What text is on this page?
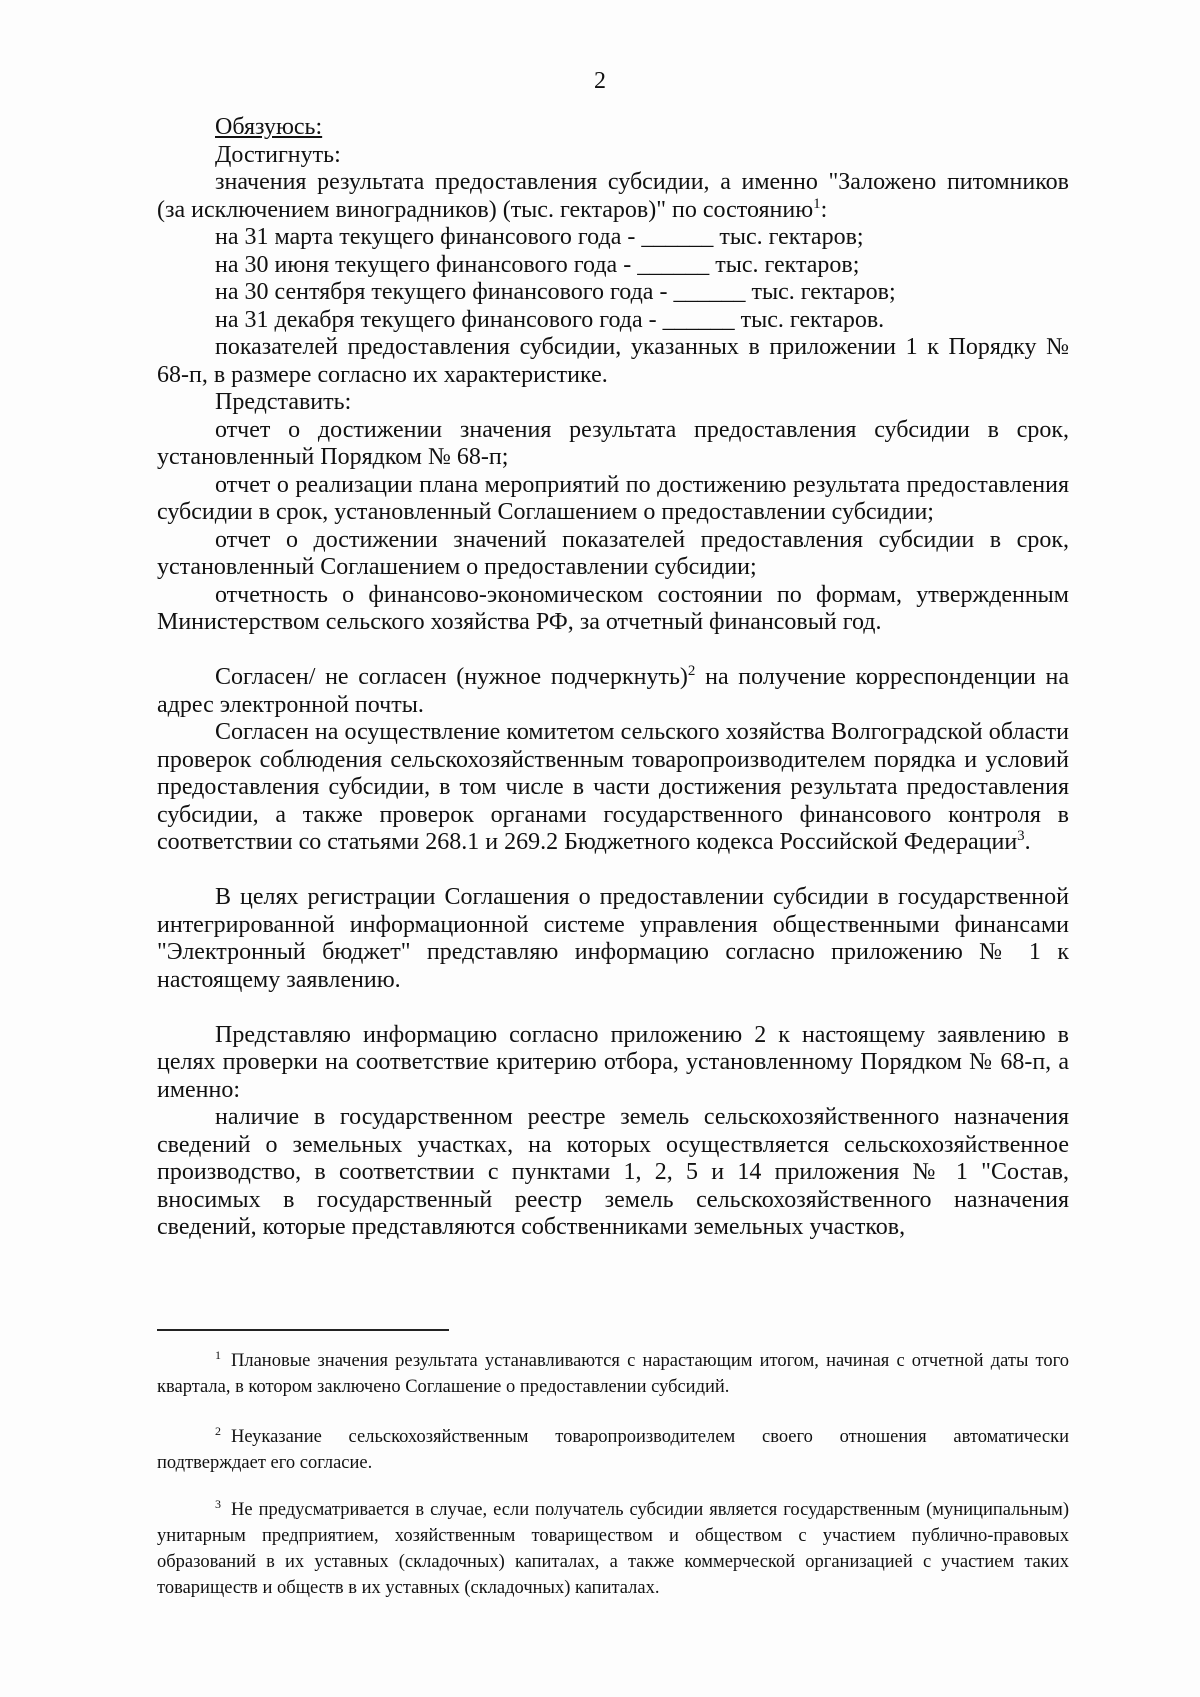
2

Обязуюсь:

Достигнуть:

значения результата предоставления субсидии, а именно "Заложено питомников (за исключением виноградников) (тыс. гектаров)" по состоянию$^1$:

на 31 марта текущего финансового года - ______ тыс. гектаров;

на 30 июня текущего финансового года - ______ тыс. гектаров;

на 30 сентября текущего финансового года - ______ тыс. гектаров;

на 31 декабря текущего финансового года - ______ тыс. гектаров.

показателей предоставления субсидии, указанных в приложении 1 к Порядку № 68-п, в размере согласно их характеристике.

Представить:

отчет о достижении значения результата предоставления субсидии в срок, установленный Порядком № 68-п;

отчет о реализации плана мероприятий по достижению результата предоставления субсидии в срок, установленный Соглашением о предоставлении субсидии;

отчет о достижении значений показателей предоставления субсидии в срок, установленный Соглашением о предоставлении субсидии;

отчетность о финансово-экономическом состоянии по формам, утвержденным Министерством сельского хозяйства РФ, за отчетный финансовый год.

Согласен/ не согласен (нужное подчеркнуть)$^2$ на получение корреспонденции на адрес электронной почты.

Согласен на осуществление комитетом сельского хозяйства Волгоградской области проверок соблюдения сельскохозяйственным товаропроизводителем порядка и условий предоставления субсидии, в том числе в части достижения результата предоставления субсидии, а также проверок органами государственного финансового контроля в соответствии со статьями 268.1 и 269.2 Бюджетного кодекса Российской Федерации$^3$.

В целях регистрации Соглашения о предоставлении субсидии в государственной интегрированной информационной системе управления общественными финансами "Электронный бюджет" представляю информацию согласно приложению № 1 к настоящему заявлению.

Представляю информацию согласно приложению 2 к настоящему заявлению в целях проверки на соответствие критерию отбора, установленному Порядком № 68-п, а именно:

наличие в государственном реестре земель сельскохозяйственного назначения сведений о земельных участках, на которых осуществляется сельскохозяйственное производство, в соответствии с пунктами 1, 2, 5 и 14 приложения № 1 "Состав, вносимых в государственный реестр земель сельскохозяйственного назначения сведений, которые представляются собственниками земельных участков,

$^1$ Плановые значения результата устанавливаются с нарастающим итогом, начиная с отчетной даты того квартала, в котором заключено Соглашение о предоставлении субсидий.

$^2$ Неуказание сельскохозяйственным товаропроизводителем своего отношения автоматически подтверждает его согласие.

$^3$ Не предусматривается в случае, если получатель субсидии является государственным (муниципальным) унитарным предприятием, хозяйственным товариществом и обществом с участием публично-правовых образований в их уставных (складочных) капиталах, а также коммерческой организацией с участием таких товариществ и обществ в их уставных (складочных) капиталах.
